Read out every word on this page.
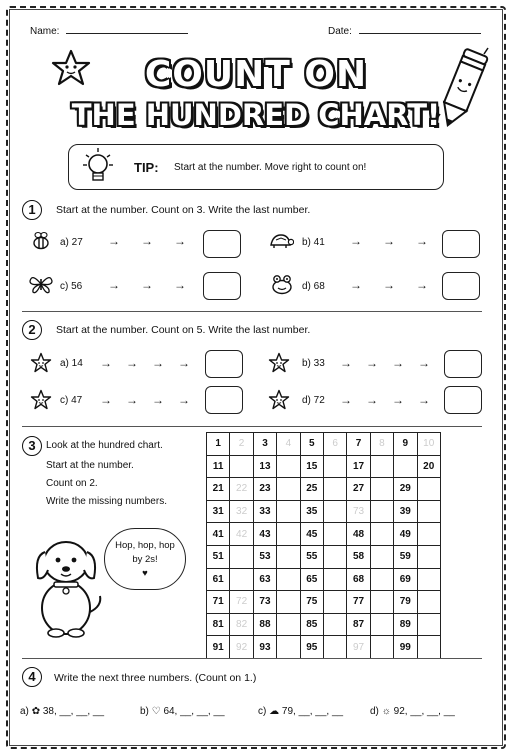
Name:	Date:
COUNT ON
THE HUNDRED CHART!
TIP: Start at the number. Move right to count on!
1	Start at the number. Count on 3. Write the last number.
a) 27 → → →	b) 41 → → →
c) 56 → → →	d) 68 → → →
2	Start at the number. Count on 5. Write the last number.
a) 14 → → → →	b) 33 → → → →
c) 47 → → → →	d) 72 → → → →
3	Look at the hundred chart.
Start at the number.
Count on 2.
Write the missing numbers.
Hop, hop, hop
by 2s!
♥
1	2	3	4	5	6	7	8	9	10
11		13		15		17			20
21	22	23		25		27		29	
31	32	33		35		73		39	
41	42	43		45		48		49	
51		53		55		58		59	
61		63		65		68		69	
71	72	73		75		77		79	
81	82	88		85		87		89	
91	92	93		95		97		99	
4	Write the next three numbers. (Count on 1.)
a) ✿ 38, __, __, __	b) ♡ 64, __, __, __	c) ☁ 79, __, __, __	d) ☼ 92, __, __, __
